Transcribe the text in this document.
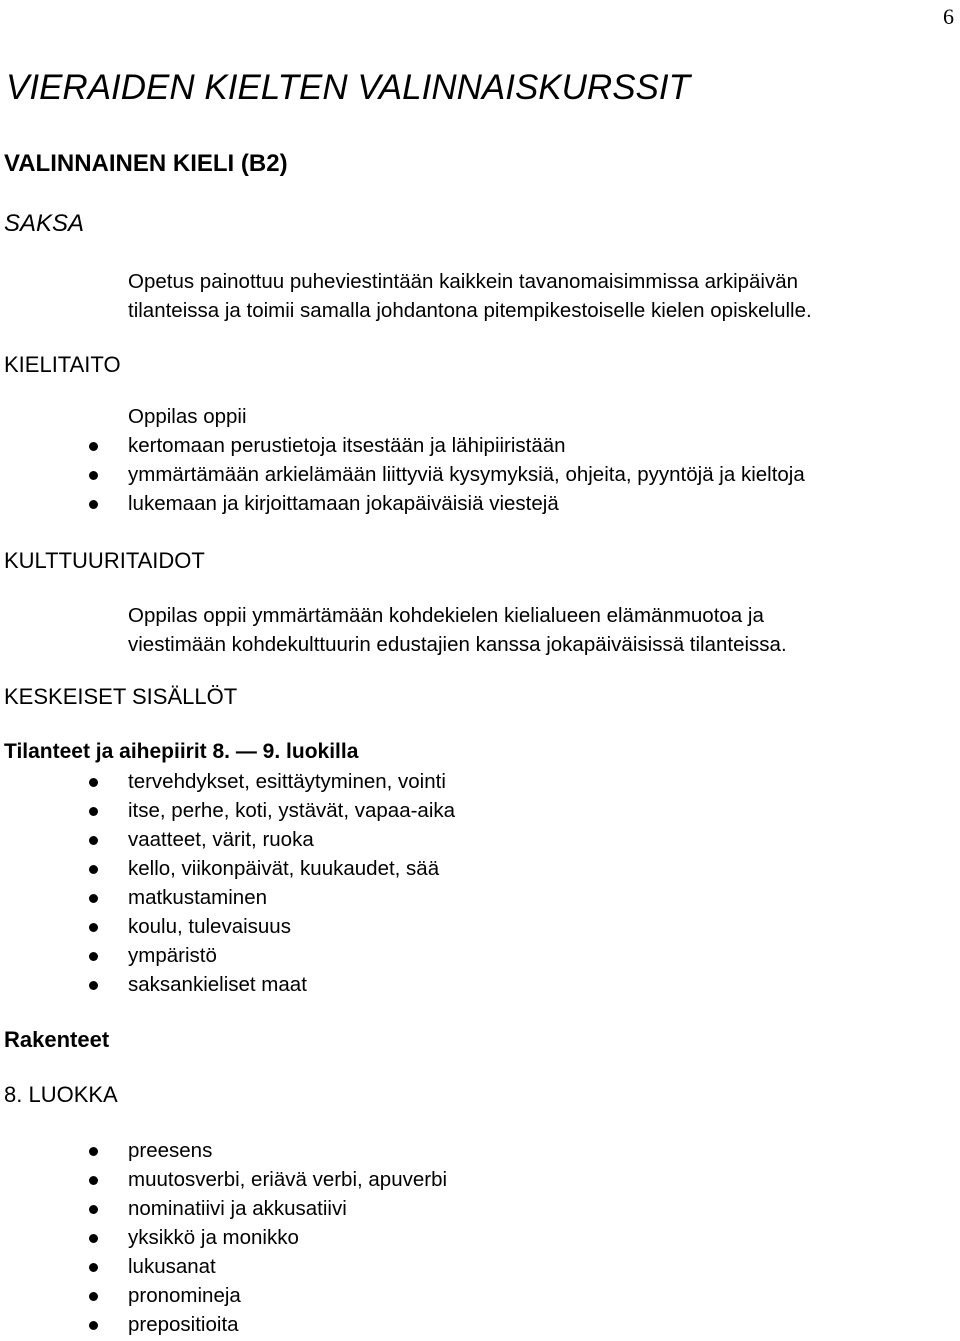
6
VIERAIDEN KIELTEN VALINNAISKURSSIT
VALINNAINEN KIELI (B2)
SAKSA
Opetus painottuu puheviestintään kaikkein tavanomaisimmissa arkipäivän
tilanteissa ja toimii samalla johdantona pitempikestoiselle kielen opiskelulle.
KIELITAITO
Oppilas oppii
kertomaan perustietoja itsestään ja lähipiiristään
ymmärtämään arkielämään liittyviä kysymyksiä, ohjeita, pyyntöjä ja kieltoja
lukemaan ja kirjoittamaan jokapäiväisiä viestejä
KULTTUURITAIDOT
Oppilas oppii ymmärtämään kohdekielen kielialueen elämänmuotoa ja
viestimään kohdekulttuurin edustajien kanssa jokapäiväisissä tilanteissa.
KESKEISET SISÄLLÖT
Tilanteet ja aihepiirit 8. — 9. luokilla
tervehdykset, esittäytyminen, vointi
itse, perhe, koti, ystävät, vapaa-aika
vaatteet, värit, ruoka
kello, viikonpäivät, kuukaudet, sää
matkustaminen
koulu, tulevaisuus
ympäristö
saksankieliset maat
Rakenteet
8. LUOKKA
preesens
muutosverbi, eriävä verbi, apuverbi
nominatiivi ja akkusatiivi
yksikkö ja monikko
lukusanat
pronomineja
prepositioita
